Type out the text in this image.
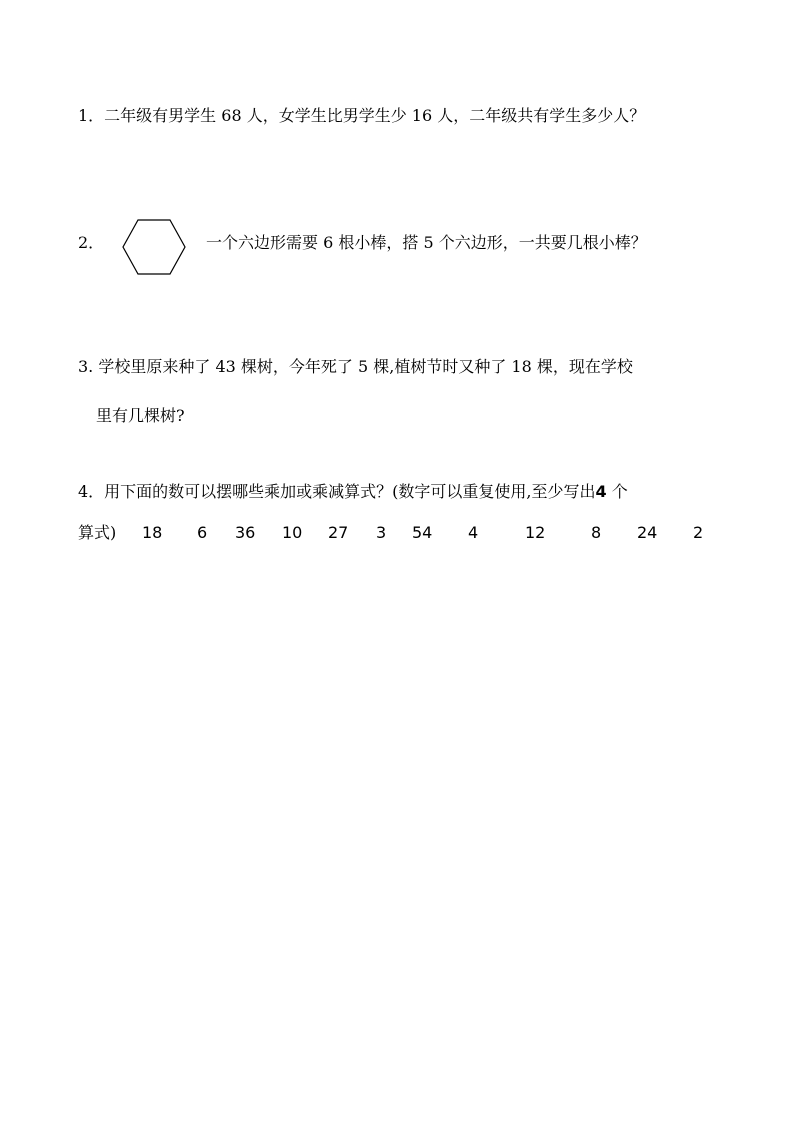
1．二年级有男学生 68 人，女学生比男学生少 16 人，二年级共有学生多少人？
2．	一个六边形需要 6 根小棒，搭 5 个六边形，一共要几根小棒？
3. 学校里原来种了 43 棵树，今年死了 5 棵,植树节时又种了 18 棵，现在学校
里有几棵树?
4．用下面的数可以摆哪些乘加或乘减算式？(数字可以重复使用,至少写出4 个
算式) 18 6 36 10 27 3 54 4	12	8 24 2
